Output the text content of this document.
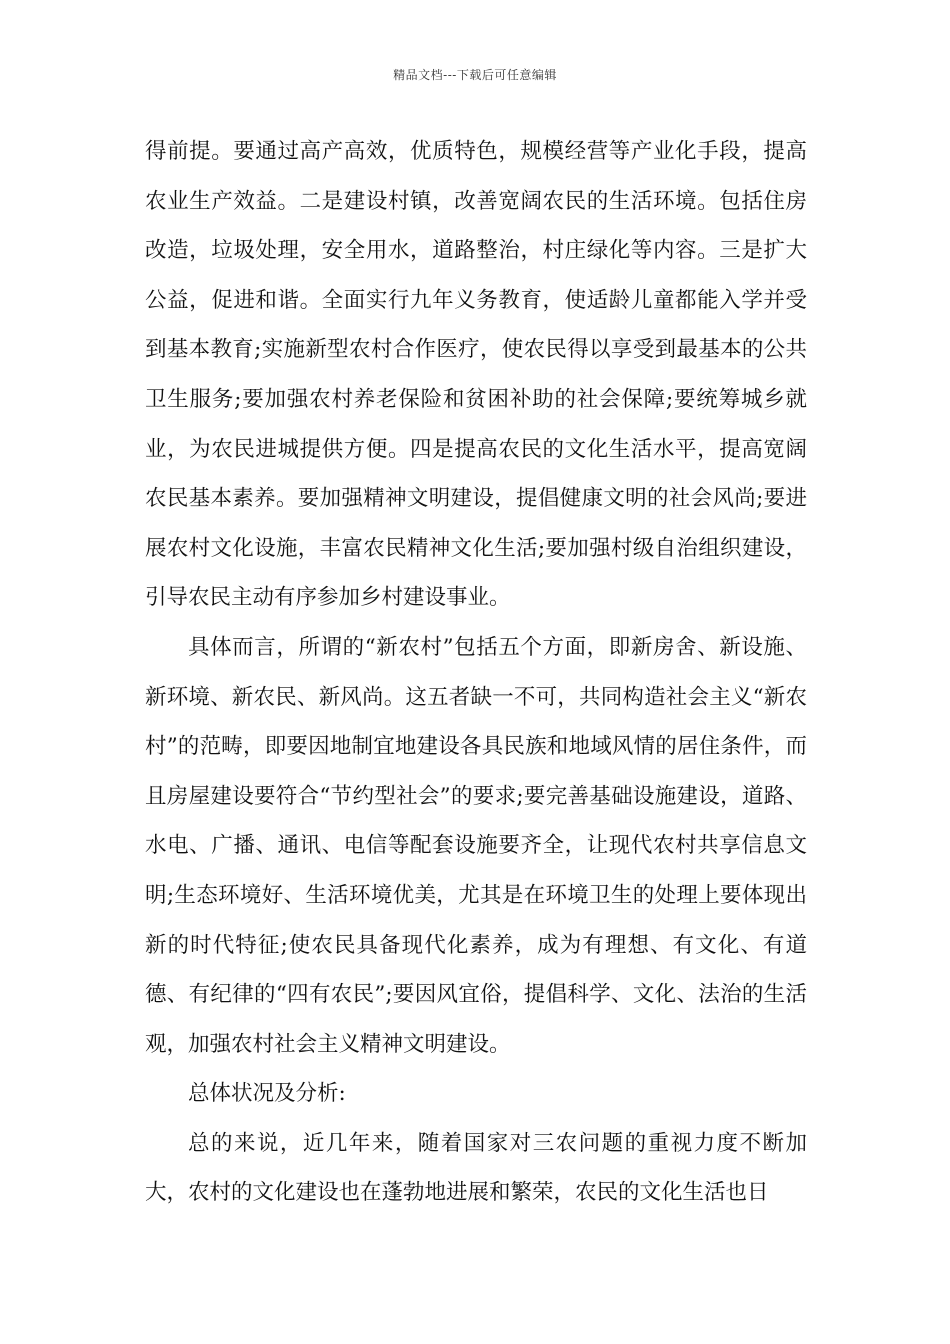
精品文档---下载后可任意编辑

得前提。要通过高产高效，优质特色，规模经营等产业化手段，提高农业生产效益。二是建设村镇，改善宽阔农民的生活环境。包括住房改造，垃圾处理，安全用水，道路整治，村庄绿化等内容。三是扩大公益，促进和谐。全面实行九年义务教育，使适龄儿童都能入学并受到基本教育;实施新型农村合作医疗，使农民得以享受到最基本的公共卫生服务;要加强农村养老保险和贫困补助的社会保障;要统筹城乡就业，为农民进城提供方便。四是提高农民的文化生活水平，提高宽阔农民基本素养。要加强精神文明建设，提倡健康文明的社会风尚;要进展农村文化设施，丰富农民精神文化生活;要加强村级自治组织建设，引导农民主动有序参加乡村建设事业。

具体而言，所谓的“新农村”包括五个方面，即新房舍、新设施、新环境、新农民、新风尚。这五者缺一不可，共同构造社会主义“新农村”的范畴，即要因地制宜地建设各具民族和地域风情的居住条件，而且房屋建设要符合“节约型社会”的要求;要完善基础设施建设，道路、水电、广播、通讯、电信等配套设施要齐全，让现代农村共享信息文明;生态环境好、生活环境优美，尤其是在环境卫生的处理上要体现出新的时代特征;使农民具备现代化素养，成为有理想、有文化、有道德、有纪律的“四有农民”;要因风宜俗，提倡科学、文化、法治的生活观，加强农村社会主义精神文明建设。

总体状况及分析:

总的来说，近几年来，随着国家对三农问题的重视力度不断加大，农村的文化建设也在蓬勃地进展和繁荣，农民的文化生活也日
